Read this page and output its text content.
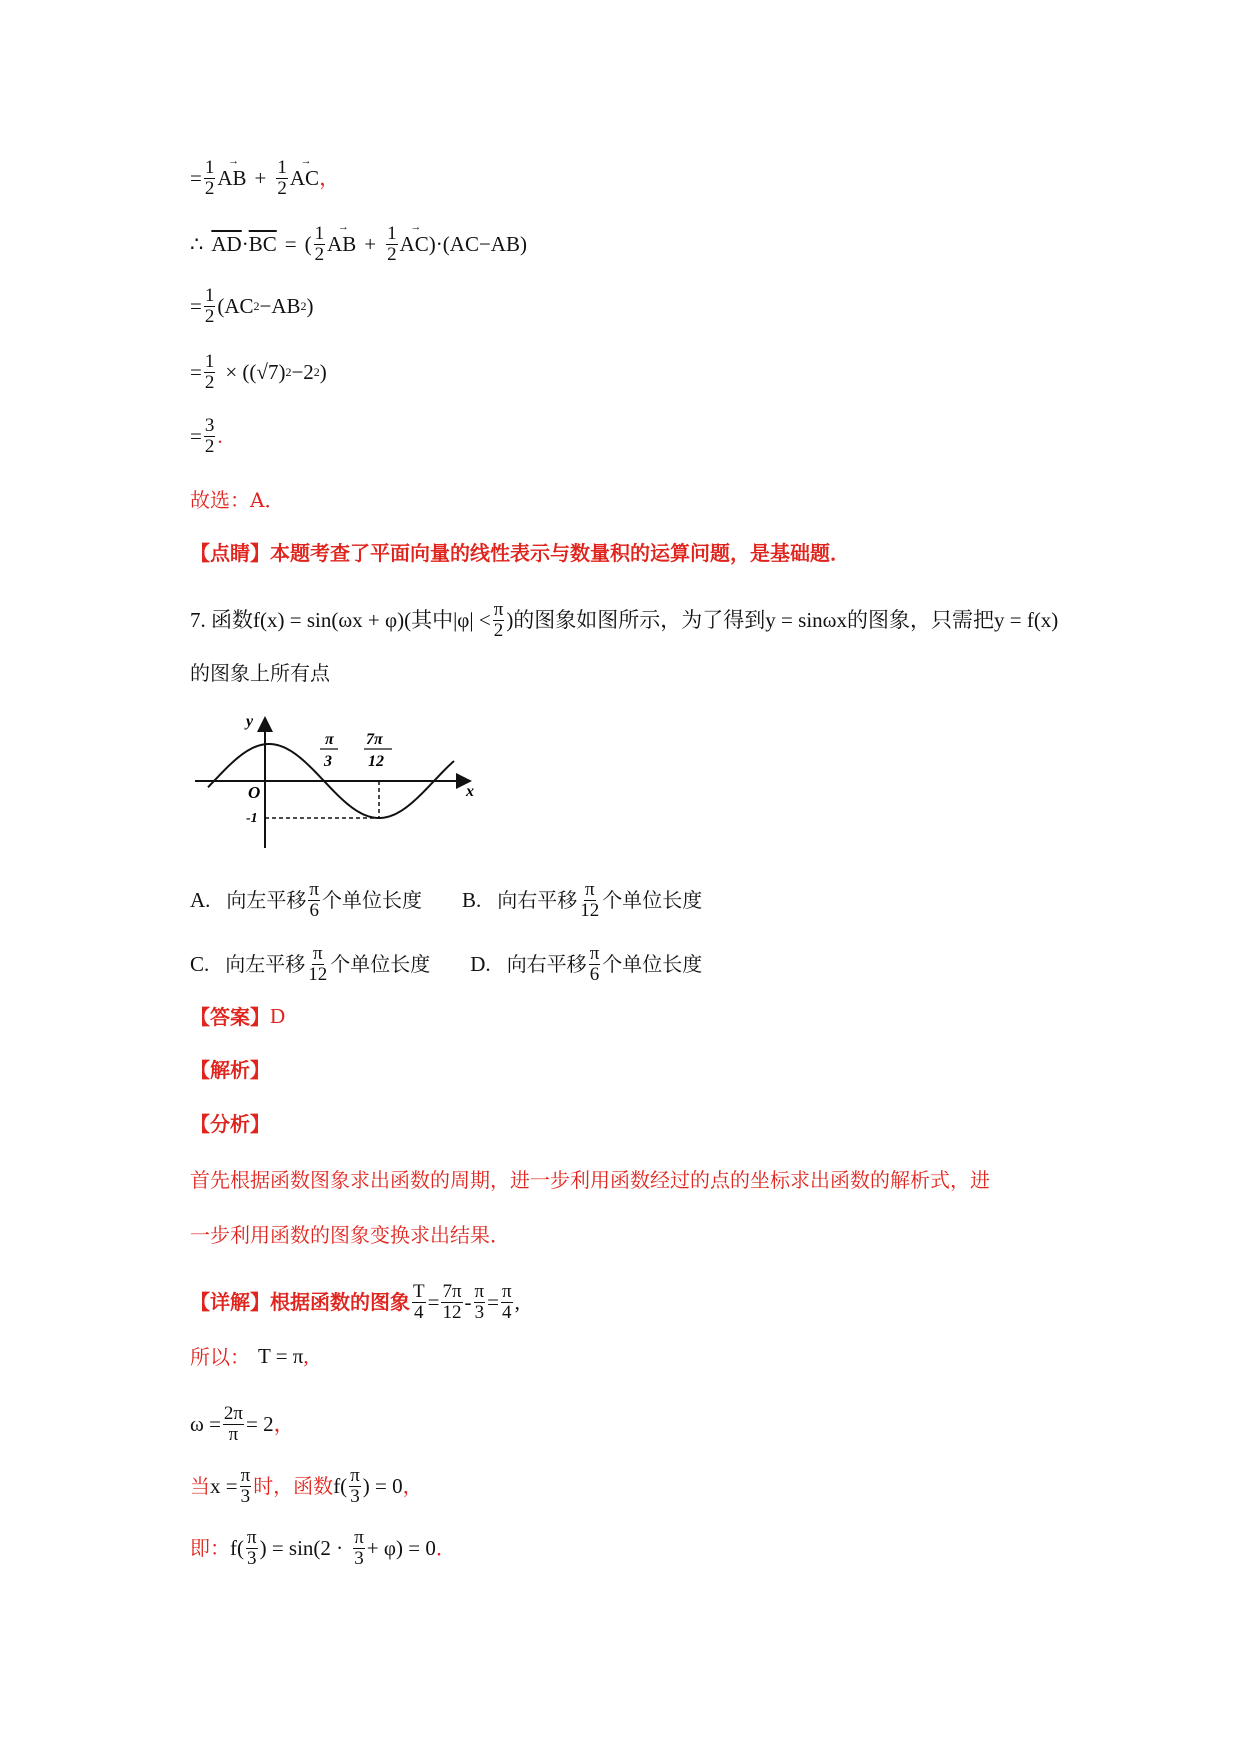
= $\frac{1}{2}$ → AB + $\frac{1}{2}$ → AC ，
∴ $\overline{AD} \cdot \overline{BC}$ = ( $\frac{1}{2}$ → AB + $\frac{1}{2}$ → AC )·(AC−AB)
= $\frac{1}{2} (AC$ 2 −AB 2 )
= $\frac{1}{2} \times ((√7)$ 2 −2 2 )
= $\frac{3}{2}$ .
故选：A．
【点睛】本题考查了平面向量的线性表示与数量积的运算问题，是基础题．
7. 函数f(x) = sin(ωx + φ)(其中$|\varphi| < \frac{\pi}{2}$ )的图象如图所示，为了得到y = sinωx的图象，只需把y = f(x)
的图象上所有点
y
x
O
-1
π
3
7π
12
A. 向左平移 $\frac{\pi}{6}$ 个单位长度 B. 向右平移 $\frac{\pi}{12}$ 个单位长度
C. 向左平移 $\frac{\pi}{12}$ 个单位长度 D. 向右平移 $\frac{\pi}{6}$ 个单位长度
【答案】 D
【解析】
【分析】
首先根据函数图象求出函数的周期，进一步利用函数经过的点的坐标求出函数的解析式，进
一步利用函数的图象变换求出结果．
【详解】根据函数的图象 $\frac{T}{4} = \frac{7\pi}{12} - \frac{\pi}{3} = \frac{\pi}{4}$ ,
所以： T = π ,
$\omega = \frac{2\pi}{\pi} = 2$ ，
当 $x = \frac{\pi}{3}$ 时，函数 $f( \frac{\pi}{3}$ ) = 0 ，
即： $f( \frac{\pi}{3}$ ) = $\sin(2 \cdot \frac{\pi}{3} + \varphi) = 0$ ．
